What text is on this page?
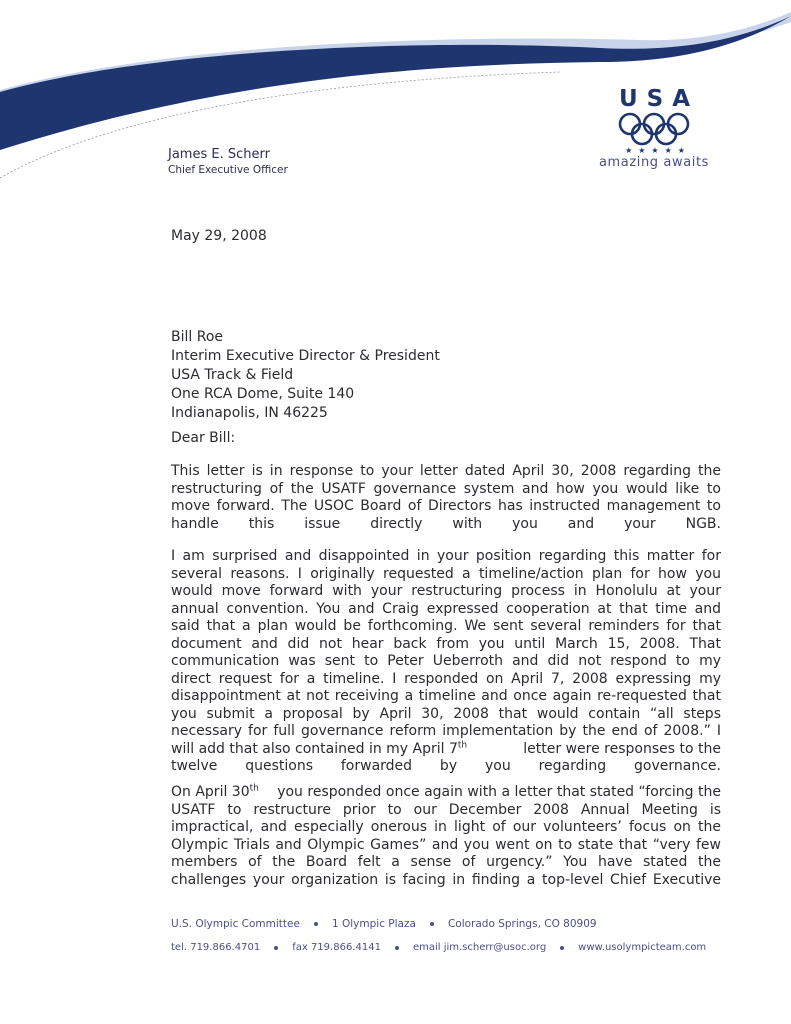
USA
★★★★★
amazing awaits
James E. Scherr
Chief Executive Officer
May 29, 2008
Bill Roe
Interim Executive Director & President
USA Track & Field
One RCA Dome, Suite 140
Indianapolis, IN 46225
Dear Bill:
This letter is in response to your letter dated April 30, 2008 regarding the
restructuring of the USATF governance system and how you would like to
move forward. The USOC Board of Directors has instructed management to
handle this issue directly with you and your NGB.
I am surprised and disappointed in your position regarding this matter for
several reasons. I originally requested a timeline/action plan for how you
would move forward with your restructuring process in Honolulu at your
annual convention. You and Craig expressed cooperation at that time and
said that a plan would be forthcoming. We sent several reminders for that
document and did not hear back from you until March 15, 2008. That
communication was sent to Peter Ueberroth and did not respond to my
direct request for a timeline. I responded on April 7, 2008 expressing my
disappointment at not receiving a timeline and once again re-requested that
you submit a proposal by April 30, 2008 that would contain “all steps
necessary for full governance reform implementation by the end of 2008.” I
will add that also contained in my April 7th	letter were responses to the
twelve questions forwarded by you regarding governance.
On April 30th you responded once again with a letter that stated “forcing the
USATF to restructure prior to our December 2008 Annual Meeting is
impractical, and especially onerous in light of our volunteers’ focus on the
Olympic Trials and Olympic Games” and you went on to state that “very few
members of the Board felt a sense of urgency.” You have stated the
challenges your organization is facing in finding a top-level Chief Executive
U.S. Olympic Committee	1 Olympic Plaza	Colorado Springs, CO 80909
tel. 719.866.4701	fax 719.866.4141	email jim.scherr@usoc.org	www.usolympicteam.com
